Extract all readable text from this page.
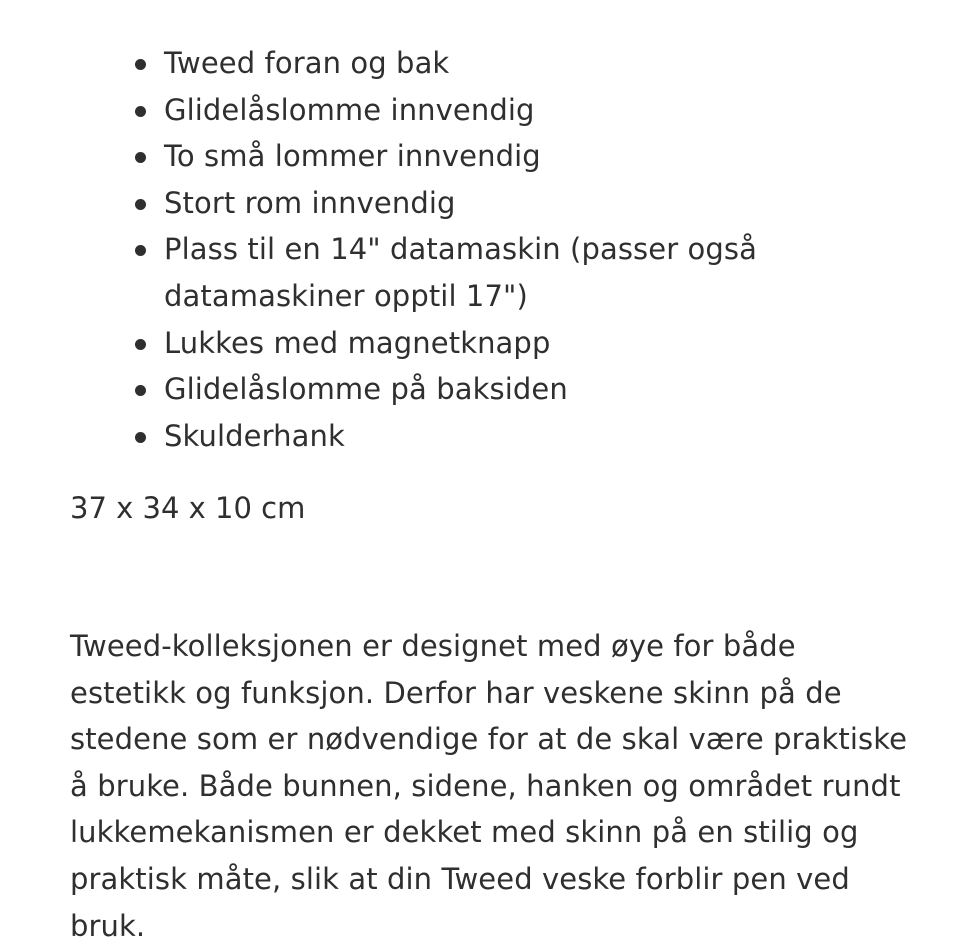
Tweed foran og bak
Glidelåslomme innvendig
To små lommer innvendig
Stort rom innvendig
Plass til en 14" datamaskin (passer også datamaskiner opptil 17")
Lukkes med magnetknapp
Glidelåslomme på baksiden
Skulderhank

37 x 34 x 10 cm

Tweed-kolleksjonen er designet med øye for både estetikk og funksjon. Derfor har veskene skinn på de stedene som er nødvendige for at de skal være praktiske å bruke. Både bunnen, sidene, hanken og området rundt lukkemekanismen er dekket med skinn på en stilig og praktisk måte, slik at din Tweed veske forblir pen ved bruk.
